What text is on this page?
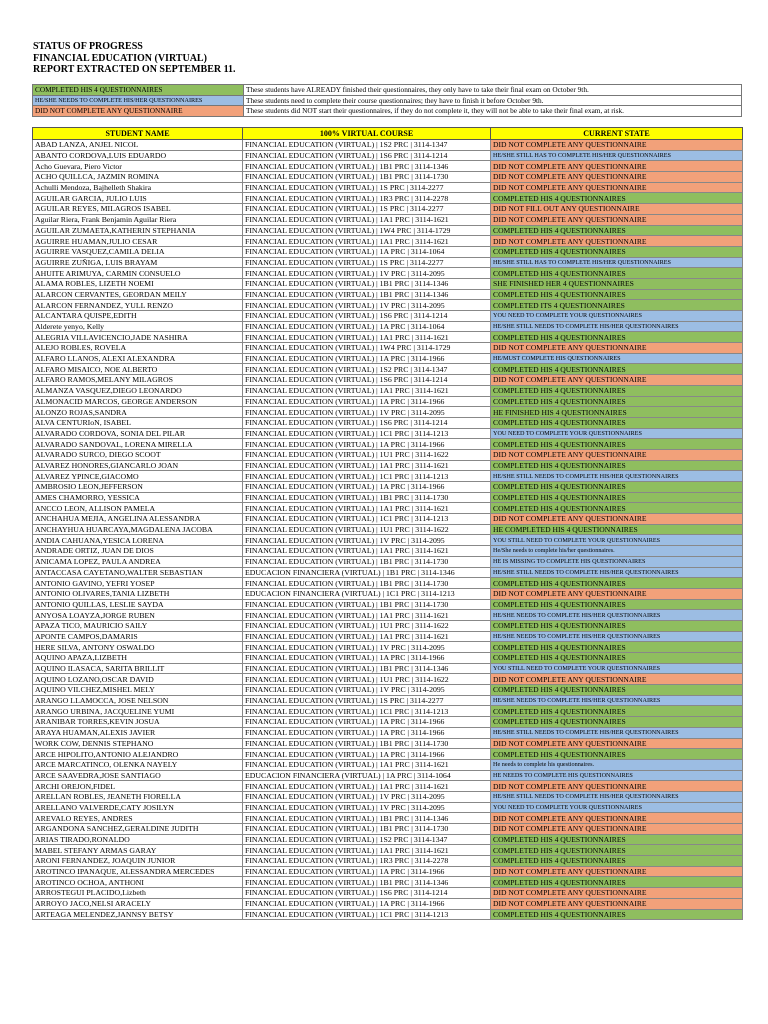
STATUS OF PROGRESS
FINANCIAL EDUCATION (VIRTUAL)
REPORT EXTRACTED ON SEPTEMBER 11.
COMPLETED HIS 4 QUESTIONNAIRES	These students have ALREADY finished their questionnaires, they only have to take their final exam on October 9th.
HE/SHE NEEDS TO COMPLETE HIS/HER QUESTIONNAIRES	These students need to complete their course questionnaires; they have to finish it before October 9th.
DID NOT COMPLETE ANY QUESTIONNAIRE	These students did NOT start their questionnaires, if they do not complete it, they will not be able to take their final exam, at risk.
STUDENT NAME	100% VIRTUAL COURSE	CURRENT STATE
ABAD LANZA, ANJEL NICOL	FINANCIAL EDUCATION (VIRTUAL) | 1S2 PRC | 3114-1347	DID NOT COMPLETE ANY QUESTIONNAIRE
ABANTO CORDOVA,LUIS EDUARDO	FINANCIAL EDUCATION (VIRTUAL) | 1S6 PRC | 3114-1214	HE/SHE STILL HAS TO COMPLETE HIS/HER QUESTIONNAIRES
Acho Guevara, Piero Victor	FINANCIAL EDUCATION (VIRTUAL) | 1B1 PRC | 3114-1346	DID NOT COMPLETE ANY QUESTIONNAIRE
ACHO QUILLCA, JAZMIN ROMINA	FINANCIAL EDUCATION (VIRTUAL) | 1B1 PRC | 3114-1730	DID NOT COMPLETE ANY QUESTIONNAIRE
Achulli Mendoza, Bajhelleth Shakira	FINANCIAL EDUCATION (VIRTUAL) | 1S PRC | 3114-2277	DID NOT COMPLETE ANY QUESTIONNAIRE
AGUILAR GARCIA, JULIO LUIS	FINANCIAL EDUCATION (VIRTUAL) | 1R3 PRC | 3114-2278	COMPLETED HIS 4 QUESTIONNAIRES
AGUILAR REYES, MILAGROS ISABEL	FINANCIAL EDUCATION (VIRTUAL) | 1S PRC | 3114-2277	DID NOT FILL OUT ANY QUESTIONNAIRE
Aguilar Riera, Frank Benjamin Aguilar Riera	FINANCIAL EDUCATION (VIRTUAL) | 1A1 PRC | 3114-1621	DID NOT COMPLETE ANY QUESTIONNAIRE
AGUILAR ZUMAETA,KATHERIN STEPHANIA	FINANCIAL EDUCATION (VIRTUAL) | 1W4 PRC | 3114-1729	COMPLETED HIS 4 QUESTIONNAIRES
AGUIRRE HUAMAN,JULIO CESAR	FINANCIAL EDUCATION (VIRTUAL) | 1A1 PRC | 3114-1621	DID NOT COMPLETE ANY QUESTIONNAIRE
AGUIRRE VASQUEZ,CAMILA DELIA	FINANCIAL EDUCATION (VIRTUAL) | 1A PRC | 3114-1064	COMPLETED HIS 4 QUESTIONNAIRES
AGUIRRE ZUÑIGA, LUIS BRAYAM	FINANCIAL EDUCATION (VIRTUAL) | 1S PRC | 3114-2277	HE/SHE STILL HAS TO COMPLETE HIS/HER QUESTIONNAIRES
AHUITE ARIMUYA, CARMIN CONSUELO	FINANCIAL EDUCATION (VIRTUAL) | 1V PRC | 3114-2095	COMPLETED HIS 4 QUESTIONNAIRES
ALAMA ROBLES, LIZETH NOEMI	FINANCIAL EDUCATION (VIRTUAL) | 1B1 PRC | 3114-1346	SHE FINISHED HER 4 QUESTIONNAIRES
ALARCON CERVANTES, GEORDAN MEILY	FINANCIAL EDUCATION (VIRTUAL) | 1B1 PRC | 3114-1346	COMPLETED HIS 4 QUESTIONNAIRES
ALARCON FERNANDEZ, YULL RENZO	FINANCIAL EDUCATION (VIRTUAL) | 1V PRC | 3114-2095	COMPLETED ITS 4 QUESTIONNAIRES
ALCANTARA QUISPE,EDITH	FINANCIAL EDUCATION (VIRTUAL) | 1S6 PRC | 3114-1214	YOU NEED TO COMPLETE YOUR QUESTIONNAIRES
Alderete yenyo, Kelly	FINANCIAL EDUCATION (VIRTUAL) | 1A PRC | 3114-1064	HE/SHE STILL NEEDS TO COMPLETE HIS/HER QUESTIONNAIRES
ALEGRIA VILLAVICENCIO,JADE NASHIRA	FINANCIAL EDUCATION (VIRTUAL) | 1A1 PRC | 3114-1621	COMPLETED HIS 4 QUESTIONNAIRES
ALEJO ROBLES, ROVELA	FINANCIAL EDUCATION (VIRTUAL) | 1W4 PRC | 3114-1729	DID NOT COMPLETE ANY QUESTIONNAIRE
ALFARO LLANOS, ALEXI ALEXANDRA	FINANCIAL EDUCATION (VIRTUAL) | 1A PRC | 3114-1966	HE/MUST COMPLETE HIS QUESTIONNAIRES
ALFARO MISAICO, NOE ALBERTO	FINANCIAL EDUCATION (VIRTUAL) | 1S2 PRC | 3114-1347	COMPLETED HIS 4 QUESTIONNAIRES
ALFARO RAMOS,MELANY MILAGROS	FINANCIAL EDUCATION (VIRTUAL) | 1S6 PRC | 3114-1214	DID NOT COMPLETE ANY QUESTIONNAIRE
ALMANZA VASQUEZ,DIEGO LEONARDO	FINANCIAL EDUCATION (VIRTUAL) | 1A1 PRC | 3114-1621	COMPLETED HIS 4 QUESTIONNAIRES
ALMONACID MARCOS, GEORGE ANDERSON	FINANCIAL EDUCATION (VIRTUAL) | 1A PRC | 3114-1966	COMPLETED HIS 4 QUESTIONNAIRES
ALONZO ROJAS,SANDRA	FINANCIAL EDUCATION (VIRTUAL) | 1V PRC | 3114-2095	HE FINISHED HIS 4 QUESTIONNAIRES
ALVA CENTURIoN, ISABEL	FINANCIAL EDUCATION (VIRTUAL) | 1S6 PRC | 3114-1214	COMPLETED HIS 4 QUESTIONNAIRES
ALVARADO CORDOVA, SONIA DEL PILAR	FINANCIAL EDUCATION (VIRTUAL) | 1C1 PRC | 3114-1213	YOU NEED TO COMPLETE YOUR QUESTIONNAIRES
ALVARADO SANDOVAL, LORENA MIRELLA	FINANCIAL EDUCATION (VIRTUAL) | 1A PRC | 3114-1966	COMPLETED HIS 4 QUESTIONNAIRES
ALVARADO SURCO, DIEGO SCOOT	FINANCIAL EDUCATION (VIRTUAL) | 1U1 PRC | 3114-1622	DID NOT COMPLETE ANY QUESTIONNAIRE
ALVAREZ HONORES,GIANCARLO JOAN	FINANCIAL EDUCATION (VIRTUAL) | 1A1 PRC | 3114-1621	COMPLETED HIS 4 QUESTIONNAIRES
ALVAREZ YPINCE,GIACOMO	FINANCIAL EDUCATION (VIRTUAL) | 1C1 PRC | 3114-1213	HE/SHE STILL NEEDS TO COMPLETE HIS/HER QUESTIONNAIRES
AMBROSIO LEON,JEFFERSON	FINANCIAL EDUCATION (VIRTUAL) | 1A PRC | 3114-1966	COMPLETED HIS 4 QUESTIONNAIRES
AMES CHAMORRO, YESSICA	FINANCIAL EDUCATION (VIRTUAL) | 1B1 PRC | 3114-1730	COMPLETED HIS 4 QUESTIONNAIRES
ANCCO LEON, ALLISON PAMELA	FINANCIAL EDUCATION (VIRTUAL) | 1A1 PRC | 3114-1621	COMPLETED HIS 4 QUESTIONNAIRES
ANCHAHUA MEJIA, ANGELINA ALESSANDRA	FINANCIAL EDUCATION (VIRTUAL) | 1C1 PRC | 3114-1213	DID NOT COMPLETE ANY QUESTIONNAIRE
ANCHAYHUA HUARCAYA,MAGDALENA JACOBA	FINANCIAL EDUCATION (VIRTUAL) | 1U1 PRC | 3114-1622	HE COMPLETED HIS 4 QUESTIONNAIRES
ANDIA CAHUANA,YESICA LORENA	FINANCIAL EDUCATION (VIRTUAL) | 1V PRC | 3114-2095	YOU STILL NEED TO COMPLETE YOUR QUESTIONNAIRES
ANDRADE ORTIZ, JUAN DE DIOS	FINANCIAL EDUCATION (VIRTUAL) | 1A1 PRC | 3114-1621	He/She needs to complete his/her questionnaires.
ANICAMA LOPEZ, PAULA ANDREA	FINANCIAL EDUCATION (VIRTUAL) | 1B1 PRC | 3114-1730	HE IS MISSING TO COMPLETE HIS QUESTIONNAIRES
ANTACCASA CAYETANO,WALTER SEBASTIAN	EDUCACION FINANCIERA (VIRTUAL) | 1B1 PRC | 3114-1346	HE/SHE STILL NEEDS TO COMPLETE HIS/HER QUESTIONNAIRES
ANTONIO GAVINO, YEFRI YOSEP	FINANCIAL EDUCATION (VIRTUAL) | 1B1 PRC | 3114-1730	COMPLETED HIS 4 QUESTIONNAIRES
ANTONIO OLIVARES,TANIA LIZBETH	EDUCACION FINANCIERA (VIRTUAL) | 1C1 PRC | 3114-1213	DID NOT COMPLETE ANY QUESTIONNAIRE
ANTONIO QUILLAS, LESLIE SAYDA	FINANCIAL EDUCATION (VIRTUAL) | 1B1 PRC | 3114-1730	COMPLETED HIS 4 QUESTIONNAIRES
ANYOSA LOAYZA,JORGE RUBEN	FINANCIAL EDUCATION (VIRTUAL) | 1A1 PRC | 3114-1621	HE/SHE NEEDS TO COMPLETE HIS/HER QUESTIONNAIRES
APAZA TICO, MAURICIO SAILY	FINANCIAL EDUCATION (VIRTUAL) | 1U1 PRC | 3114-1622	COMPLETED HIS 4 QUESTIONNAIRES
APONTE CAMPOS,DAMARIS	FINANCIAL EDUCATION (VIRTUAL) | 1A1 PRC | 3114-1621	HE/SHE NEEDS TO COMPLETE HIS/HER QUESTIONNAIRES
HERE SILVA, ANTONY OSWALDO	FINANCIAL EDUCATION (VIRTUAL) | 1V PRC | 3114-2095	COMPLETED HIS 4 QUESTIONNAIRES
AQUINO APAZA,LIZBETH	FINANCIAL EDUCATION (VIRTUAL) | 1A PRC | 3114-1966	COMPLETED HIS 4 QUESTIONNAIRES
AQUINO ILASACA, SARITA BRILLIT	FINANCIAL EDUCATION (VIRTUAL) | 1B1 PRC | 3114-1346	YOU STILL NEED TO COMPLETE YOUR QUESTIONNAIRES
AQUINO LOZANO,OSCAR DAVID	FINANCIAL EDUCATION (VIRTUAL) | 1U1 PRC | 3114-1622	DID NOT COMPLETE ANY QUESTIONNAIRE
AQUINO VILCHEZ,MISHEL MELY	FINANCIAL EDUCATION (VIRTUAL) | 1V PRC | 3114-2095	COMPLETED HIS 4 QUESTIONNAIRES
ARANGO LLAMOCCA, JOSE NELSON	FINANCIAL EDUCATION (VIRTUAL) | 1S PRC | 3114-2277	HE/SHE NEEDS TO COMPLETE HIS/HER QUESTIONNAIRES
ARANGO URBINA, JACQUELINE YUMI	FINANCIAL EDUCATION (VIRTUAL) | 1C1 PRC | 3114-1213	COMPLETED HIS 4 QUESTIONNAIRES
ARANIBAR TORRES,KEVIN JOSUA	FINANCIAL EDUCATION (VIRTUAL) | 1A PRC | 3114-1966	COMPLETED HIS 4 QUESTIONNAIRES
ARAYA HUAMAN,ALEXIS JAVIER	FINANCIAL EDUCATION (VIRTUAL) | 1A PRC | 3114-1966	HE/SHE STILL NEEDS TO COMPLETE HIS/HER QUESTIONNAIRES
WORK COW, DENNIS STEPHANO	FINANCIAL EDUCATION (VIRTUAL) | 1B1 PRC | 3114-1730	DID NOT COMPLETE ANY QUESTIONNAIRE
ARCE HIPOLITO,ANTONIO ALEJANDRO	FINANCIAL EDUCATION (VIRTUAL) | 1A PRC | 3114-1966	COMPLETED HIS 4 QUESTIONNAIRES
ARCE MARCATINCO, OLENKA NAYELY	FINANCIAL EDUCATION (VIRTUAL) | 1A1 PRC | 3114-1621	He needs to complete his questionnaires.
ARCE SAAVEDRA,JOSE SANTIAGO	EDUCACION FINANCIERA (VIRTUAL) | 1A PRC | 3114-1064	HE NEEDS TO COMPLETE HIS QUESTIONNAIRES
ARCHI OREJON,FIDEL	FINANCIAL EDUCATION (VIRTUAL) | 1A1 PRC | 3114-1621	DID NOT COMPLETE ANY QUESTIONNAIRE
ARELLAN ROBLES, JEANETH FIORELLA	FINANCIAL EDUCATION (VIRTUAL) | 1V PRC | 3114-2095	HE/SHE STILL NEEDS TO COMPLETE HIS/HER QUESTIONNAIRES
ARELLANO VALVERDE,CATY JOSILYN	FINANCIAL EDUCATION (VIRTUAL) | 1V PRC | 3114-2095	YOU NEED TO COMPLETE YOUR QUESTIONNAIRES
AREVALO REYES, ANDRES	FINANCIAL EDUCATION (VIRTUAL) | 1B1 PRC | 3114-1346	DID NOT COMPLETE ANY QUESTIONNAIRE
ARGANDONA SANCHEZ,GERALDINE JUDITH	FINANCIAL EDUCATION (VIRTUAL) | 1B1 PRC | 3114-1730	DID NOT COMPLETE ANY QUESTIONNAIRE
ARIAS TIRADO,RONALDO	FINANCIAL EDUCATION (VIRTUAL) | 1S2 PRC | 3114-1347	COMPLETED HIS 4 QUESTIONNAIRES
MABEL STEFANY ARMAS GARAY	FINANCIAL EDUCATION (VIRTUAL) | 1A1 PRC | 3114-1621	COMPLETED HIS 4 QUESTIONNAIRES
ARONI FERNANDEZ, JOAQUIN JUNIOR	FINANCIAL EDUCATION (VIRTUAL) | 1R3 PRC | 3114-2278	COMPLETED HIS 4 QUESTIONNAIRES
AROTINCO IPANAQUE, ALESSANDRA MERCEDES	FINANCIAL EDUCATION (VIRTUAL) | 1A PRC | 3114-1966	DID NOT COMPLETE ANY QUESTIONNAIRE
AROTINCO OCHOA, ANTHONI	FINANCIAL EDUCATION (VIRTUAL) | 1B1 PRC | 3114-1346	COMPLETED HIS 4 QUESTIONNAIRES
ARROSTEGUI PLACIDO,Lizbeth	FINANCIAL EDUCATION (VIRTUAL) | 1S6 PRC | 3114-1214	DID NOT COMPLETE ANY QUESTIONNAIRE
ARROYO JACO,NELSI ARACELY	FINANCIAL EDUCATION (VIRTUAL) | 1A PRC | 3114-1966	DID NOT COMPLETE ANY QUESTIONNAIRE
ARTEAGA MELENDEZ,JANNSY BETSY	FINANCIAL EDUCATION (VIRTUAL) | 1C1 PRC | 3114-1213	COMPLETED HIS 4 QUESTIONNAIRES
